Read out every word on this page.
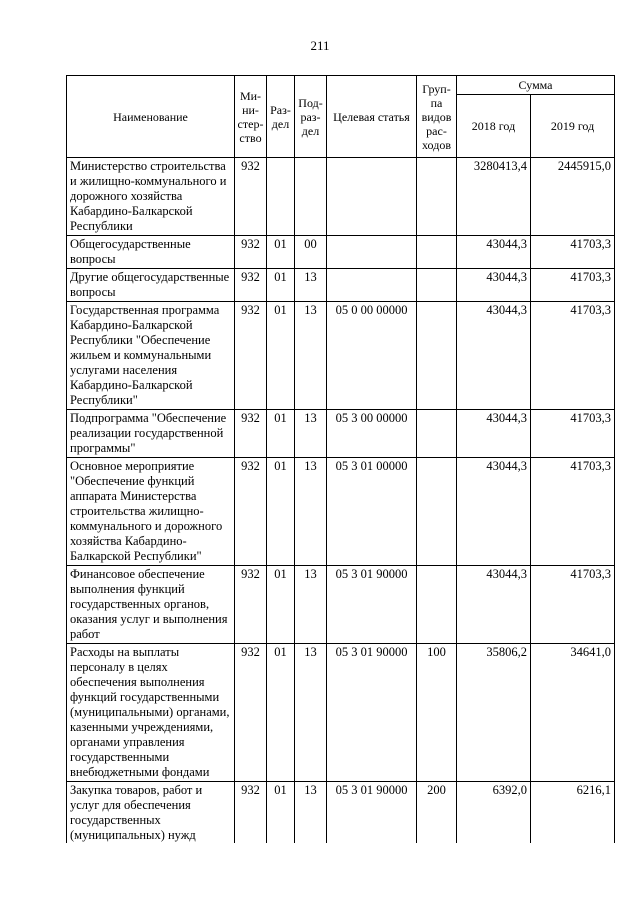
211
Наименование	Ми-ни-стер-ство	Раз-дел	Под-раз-дел	Целевая статья	Груп-па видов рас-ходов	Сумма	
						2018 год	2019 год
Министерство строительства и жилищно-коммунального и дорожного хозяйства Кабардино-Балкарской Республики	932					3280413,4	2445915,0
Общегосударственные вопросы	932	01	00			43044,3	41703,3
Другие общегосударственные вопросы	932	01	13			43044,3	41703,3
Государственная программа Кабардино-Балкарской Республики "Обеспечение жильем и коммунальными услугами населения Кабардино-Балкарской Республики"	932	01	13	05 0 00 00000		43044,3	41703,3
Подпрограмма "Обеспечение реализации государственной программы"	932	01	13	05 3 00 00000		43044,3	41703,3
Основное мероприятие "Обеспечение функций аппарата Министерства строительства жилищно-коммунального и дорожного хозяйства Кабардино-Балкарской Республики"	932	01	13	05 3 01 00000		43044,3	41703,3
Финансовое обеспечение выполнения функций государственных органов, оказания услуг и выполнения работ	932	01	13	05 3 01 90000		43044,3	41703,3
Расходы на выплаты персоналу в целях обеспечения выполнения функций государственными (муниципальными) органами, казенными учреждениями, органами управления государственными внебюджетными фондами	932	01	13	05 3 01 90000	100	35806,2	34641,0
Закупка товаров, работ и услуг для обеспечения государственных (муниципальных) нужд	932	01	13	05 3 01 90000	200	6392,0	6216,1
